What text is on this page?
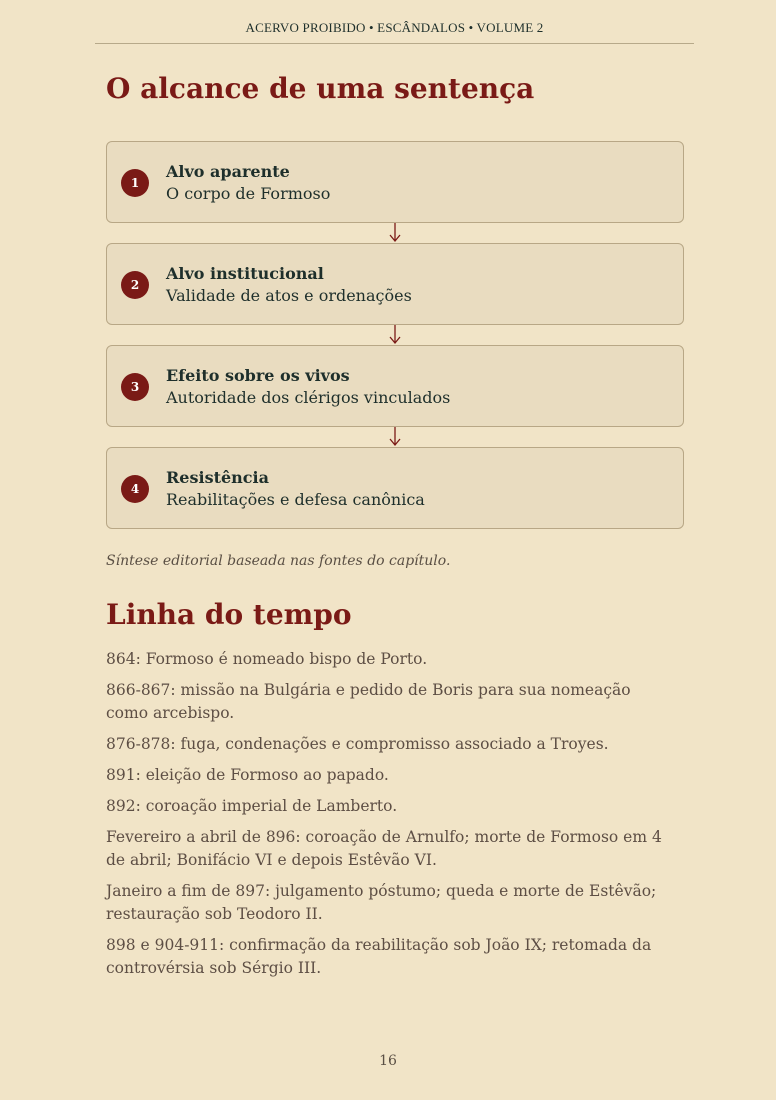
ACERVO PROIBIDO • ESCÂNDALOS • VOLUME 2
O alcance de uma sentença
1
Alvo aparente
O corpo de Formoso
2
Alvo institucional
Validade de atos e ordenações
3
Efeito sobre os vivos
Autoridade dos clérigos vinculados
4
Resistência
Reabilitações e defesa canônica
Síntese editorial baseada nas fontes do capítulo.
Linha do tempo
864: Formoso é nomeado bispo de Porto.
866-867: missão na Bulgária e pedido de Boris para sua nomeação como arcebispo.
876-878: fuga, condenações e compromisso associado a Troyes.
891: eleição de Formoso ao papado.
892: coroação imperial de Lamberto.
Fevereiro a abril de 896: coroação de Arnulfo; morte de Formoso em 4 de abril; Bonifácio VI e depois Estêvão VI.
Janeiro a fim de 897: julgamento póstumo; queda e morte de Estêvão; restauração sob Teodoro II.
898 e 904-911: confirmação da reabilitação sob João IX; retomada da controvérsia sob Sérgio III.
16
